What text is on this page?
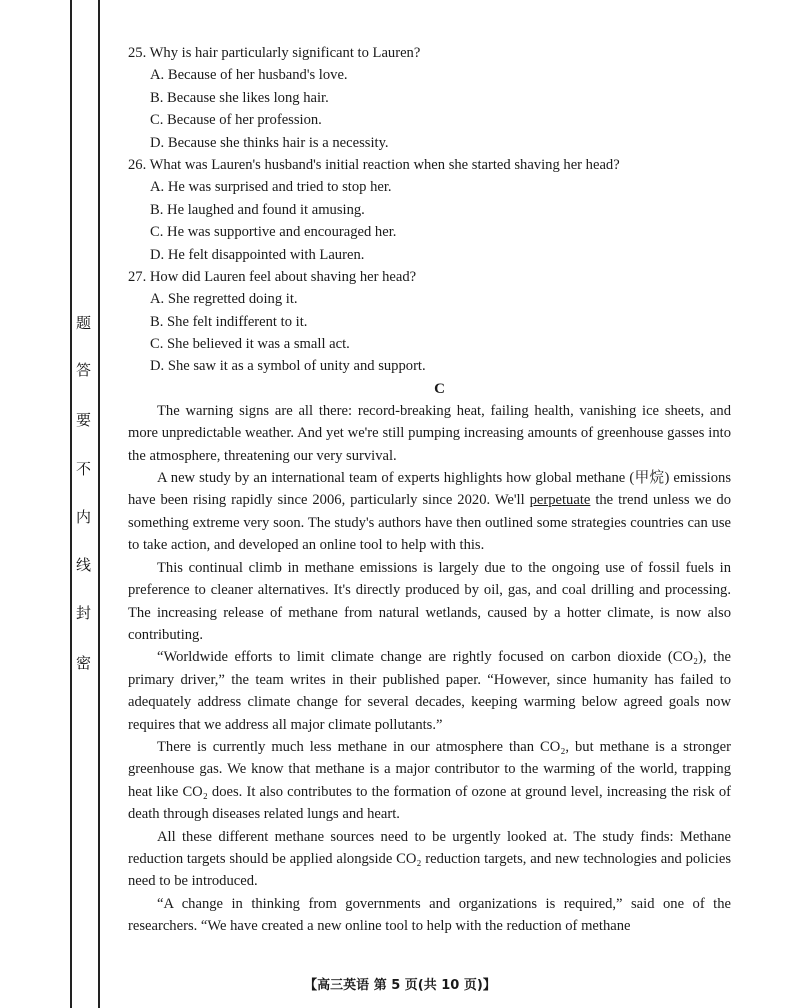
题
答
要
不
内
线
封
密
25. Why is hair particularly significant to Lauren?
A. Because of her husband's love.
B. Because she likes long hair.
C. Because of her profession.
D. Because she thinks hair is a necessity.
26. What was Lauren's husband's initial reaction when she started shaving her head?
A. He was surprised and tried to stop her.
B. He laughed and found it amusing.
C. He was supportive and encouraged her.
D. He felt disappointed with Lauren.
27. How did Lauren feel about shaving her head?
A. She regretted doing it.
B. She felt indifferent to it.
C. She believed it was a small act.
D. She saw it as a symbol of unity and support.
C

The warning signs are all there: record-breaking heat, failing health, vanishing ice sheets, and more unpredictable weather. And yet we're still pumping increasing amounts of greenhouse gasses into the atmosphere, threatening our very survival.

A new study by an international team of experts highlights how global methane (甲烷) emissions have been rising rapidly since 2006, particularly since 2020. We'll perpetuate the trend unless we do something extreme very soon. The study's authors have then outlined some strategies countries can use to take action, and developed an online tool to help with this.

This continual climb in methane emissions is largely due to the ongoing use of fossil fuels in preference to cleaner alternatives. It's directly produced by oil, gas, and coal drilling and processing. The increasing release of methane from natural wetlands, caused by a hotter climate, is now also contributing.

“Worldwide efforts to limit climate change are rightly focused on carbon dioxide (CO₂), the primary driver,” the team writes in their published paper. “However, since humanity has failed to adequately address climate change for several decades, keeping warming below agreed goals now requires that we address all major climate pollutants.”

There is currently much less methane in our atmosphere than CO₂, but methane is a stronger greenhouse gas. We know that methane is a major contributor to the warming of the world, trapping heat like CO₂ does. It also contributes to the formation of ozone at ground level, increasing the risk of death through diseases related lungs and heart.

All these different methane sources need to be urgently looked at. The study finds: Methane reduction targets should be applied alongside CO₂ reduction targets, and new technologies and policies need to be introduced.

“A change in thinking from governments and organizations is required,” said one of the researchers. “We have created a new online tool to help with the reduction of methane

【高三英语 第 5 页(共 10 页)】
